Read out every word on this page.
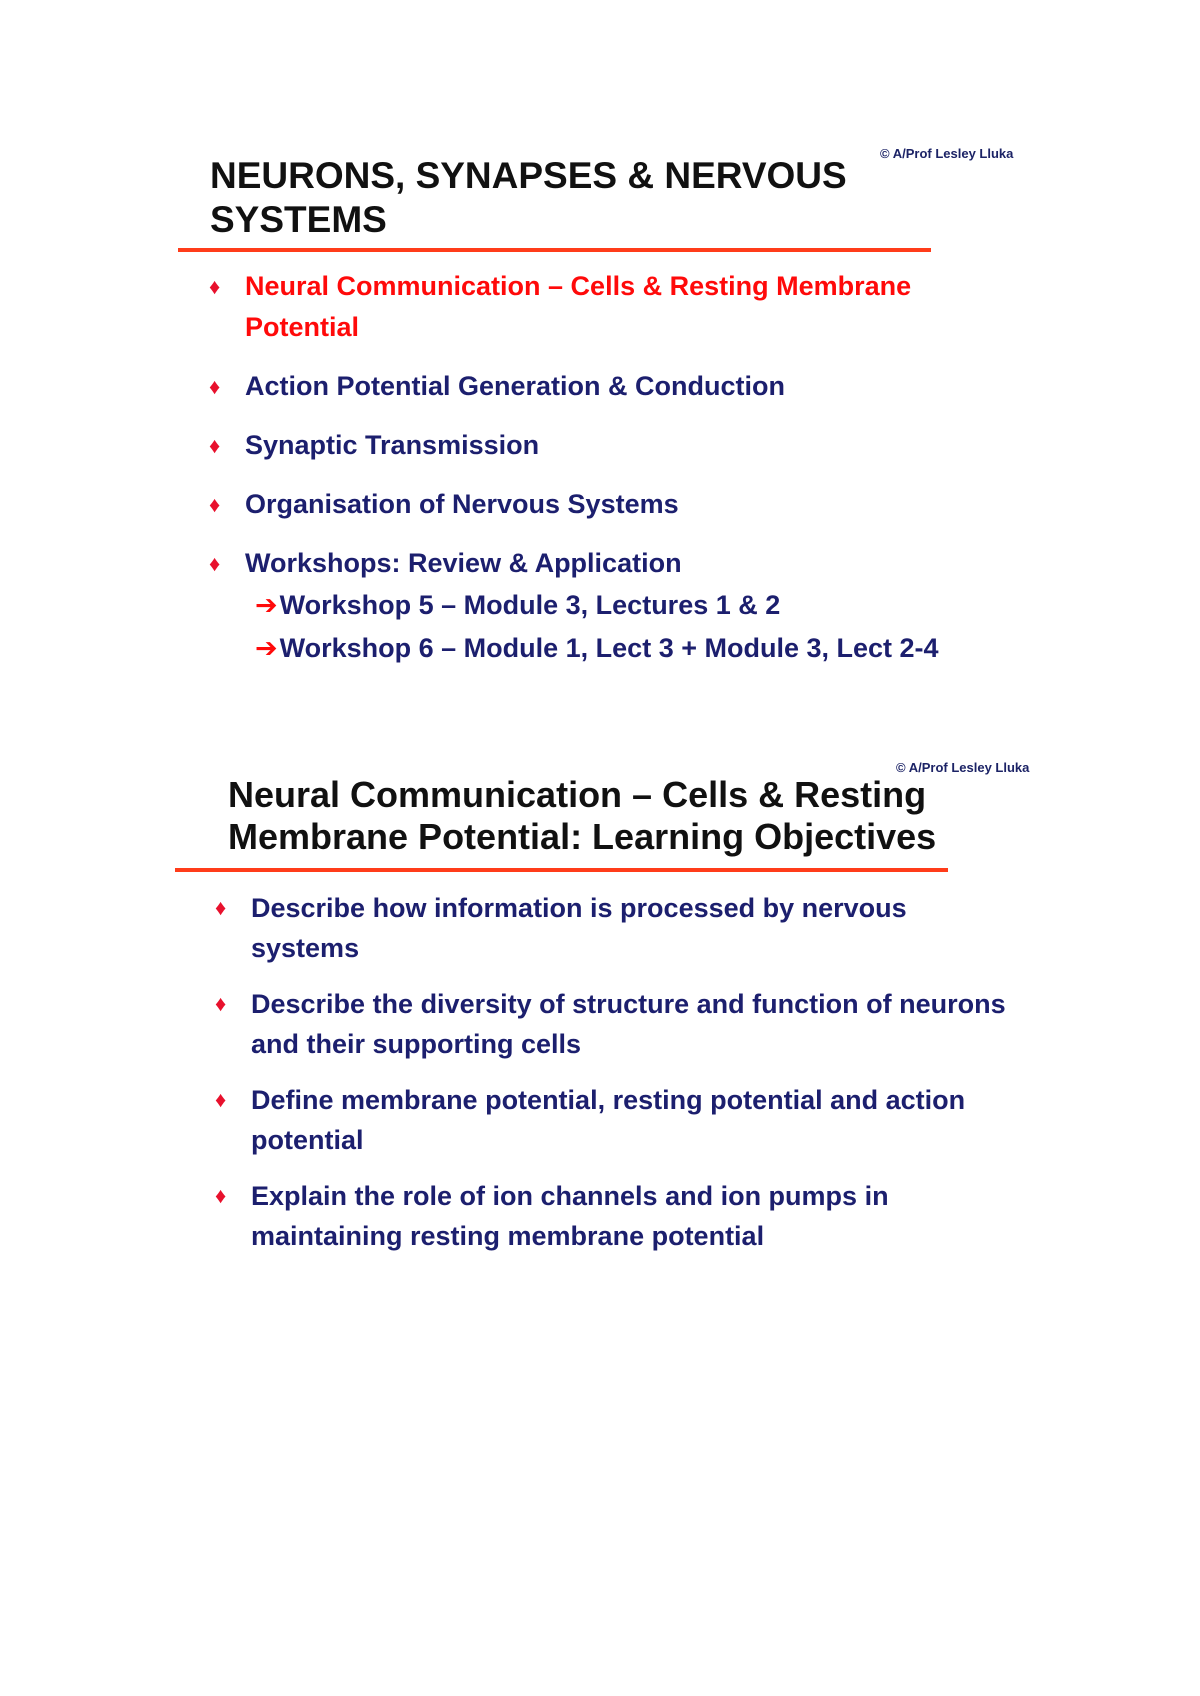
© A/Prof Lesley Lluka
NEURONS, SYNAPSES & NERVOUS
SYSTEMS
♦ Neural Communication – Cells & Resting Membrane Potential
♦ Action Potential Generation & Conduction
♦ Synaptic Transmission
♦ Organisation of Nervous Systems
♦ Workshops: Review & Application
➔Workshop 5 – Module 3, Lectures 1 & 2
➔Workshop 6 – Module 1, Lect 3 + Module 3, Lect 2-4
© A/Prof Lesley Lluka
Neural Communication – Cells & Resting
Membrane Potential: Learning Objectives
♦ Describe how information is processed by nervous systems
♦ Describe the diversity of structure and function of neurons and their supporting cells
♦ Define membrane potential, resting potential and action potential
♦ Explain the role of ion channels and ion pumps in maintaining resting membrane potential
